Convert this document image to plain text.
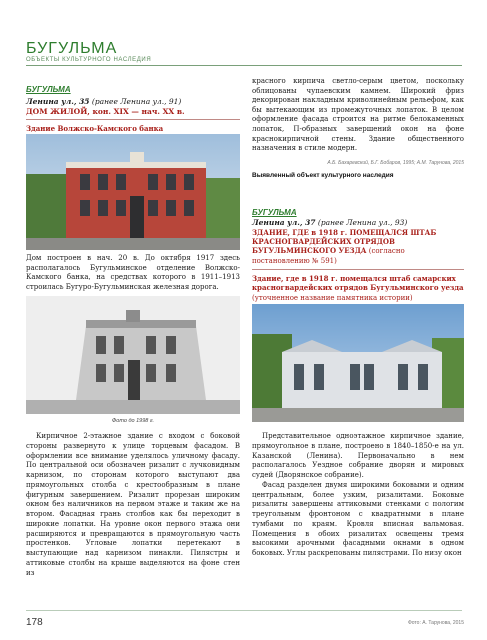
БУГУЛЬМА
ОБЪЕКТЫ КУЛЬТУРНОГО НАСЛЕДИЯ
БУГУЛЬМА
Ленина ул., 35 (ранее Ленина ул., 91)
ДОМ ЖИЛОЙ, кон. XIX — нач. XX в.
Здание Волжско-Камского банка
красного кирпича светло-серым цветом, поскольку облицованы чупаевским камнем. Широкий фриз декорирован накладным криволинейным рельефом, как бы вытекающим из промежуточных лопаток. В целом оформление фасада строится на ритме белокаменных лопаток, П-образных завершений окон на фоне краснокирпичной стены. Здание общественного назначения в стиле модерн.
А.Б. Бахаревский, Б.Г. Бобаров, 1995; А.М. Тарунова, 2015
Выявленный объект культурного наследия
Дом построен в нач. 20 в. До октября 1917 здесь располагалось Бугульминское отделение Волжско-Камского банка, на средствах которого в 1911–1913 строилась Бугуро-Бугульминская железная дорога.
БУГУЛЬМА
Ленина ул., 37 (ранее Ленина ул., 93)
ЗДАНИЕ, ГДЕ в 1918 г. ПОМЕЩАЛСЯ ШТАБ КРАСНОГВАРДЕЙСКИХ ОТРЯДОВ БУГУЛЬМИНСКОГО УЕЗДА (согласно постановлению № 591)
Здание, где в 1918 г. помещался штаб самарских красногвардейских отрядов Бугульминского уезда (уточненное название памятника истории)
Фото до 1998 г.
Кирпичное 2-этажное здание с входом с боковой стороны развернуто к улице торцевым фасадом. В оформлении все внимание уделялось уличному фасаду. По центральной оси обозначен ризалит с лучковидным карнизом, по сторонам которого выступают два прямоугольных столба с крестообразным в плане фигурным завершением. Ризалит прорезан широким окном без наличников на первом этаже и таким же на втором. Фасадная грань столбов как бы переходит в широкие лопатки. На уровне окон первого этажа они расширяются и превращаются в прямоугольную часть простенков. Угловые лопатки перетекают в выступающие над карнизом пинакли. Пилястры и аттиковые столбы на крыше выделяются на фоне стен из

Представительное одноэтажное кирпичное здание, прямоугольное в плане, построено в 1840–1850-е на ул. Казанской (Ленина). Первоначально в нем располагалось Уездное собрание дворян и мировых судей (Дворянское собрание).

Фасад разделен двумя широкими боковыми и одним центральным, более узким, ризалитами. Боковые ризалиты завершены аттиковыми стенками с пологим треугольным фронтоном с квадратными в плане тумбами по краям. Кровля вписная вальмовая. Помещения в обоих ризалитах освещены тремя высокими арочными фасадными окнами в одном боковых. Углы раскрепованы пилястрами. По низу окон

178	Фото: А. Тарунова, 2015
